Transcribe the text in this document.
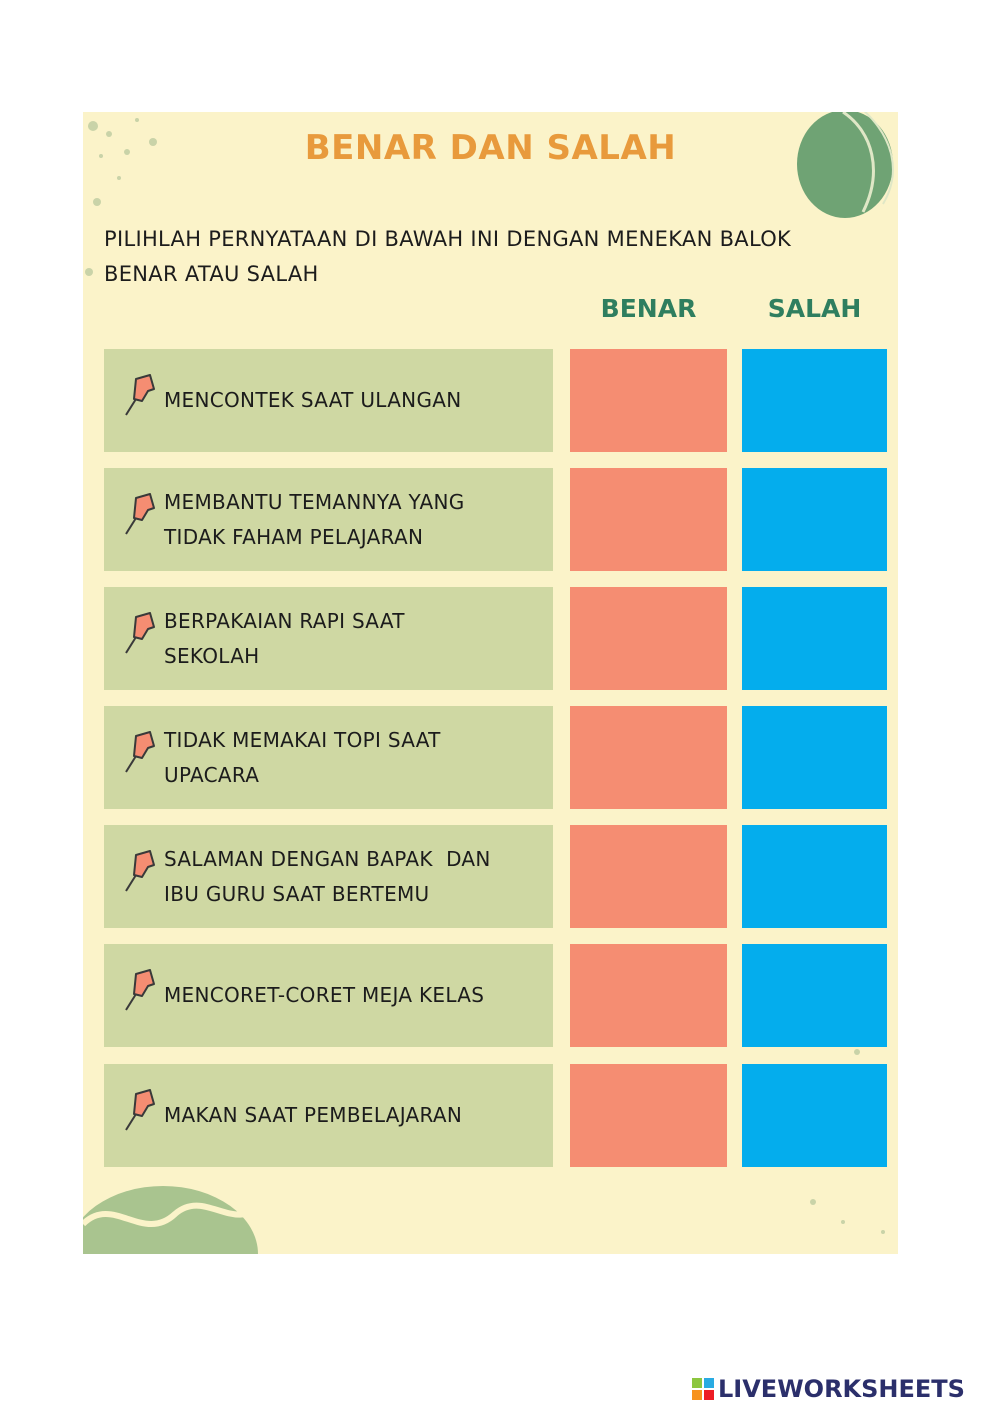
BENAR DAN SALAH
PILIHLAH PERNYATAAN DI BAWAH INI DENGAN MENEKAN BALOK
BENAR ATAU SALAH
BENAR	SALAH
MENCONTEK SAAT ULANGAN
MEMBANTU TEMANNYA YANG
TIDAK FAHAM PELAJARAN
BERPAKAIAN RAPI SAAT
SEKOLAH
TIDAK MEMAKAI TOPI SAAT
UPACARA
SALAMAN DENGAN BAPAK  DAN
IBU GURU SAAT BERTEMU
MENCORET-CORET MEJA KELAS
MAKAN SAAT PEMBELAJARAN
LIVEWORKSHEETS
